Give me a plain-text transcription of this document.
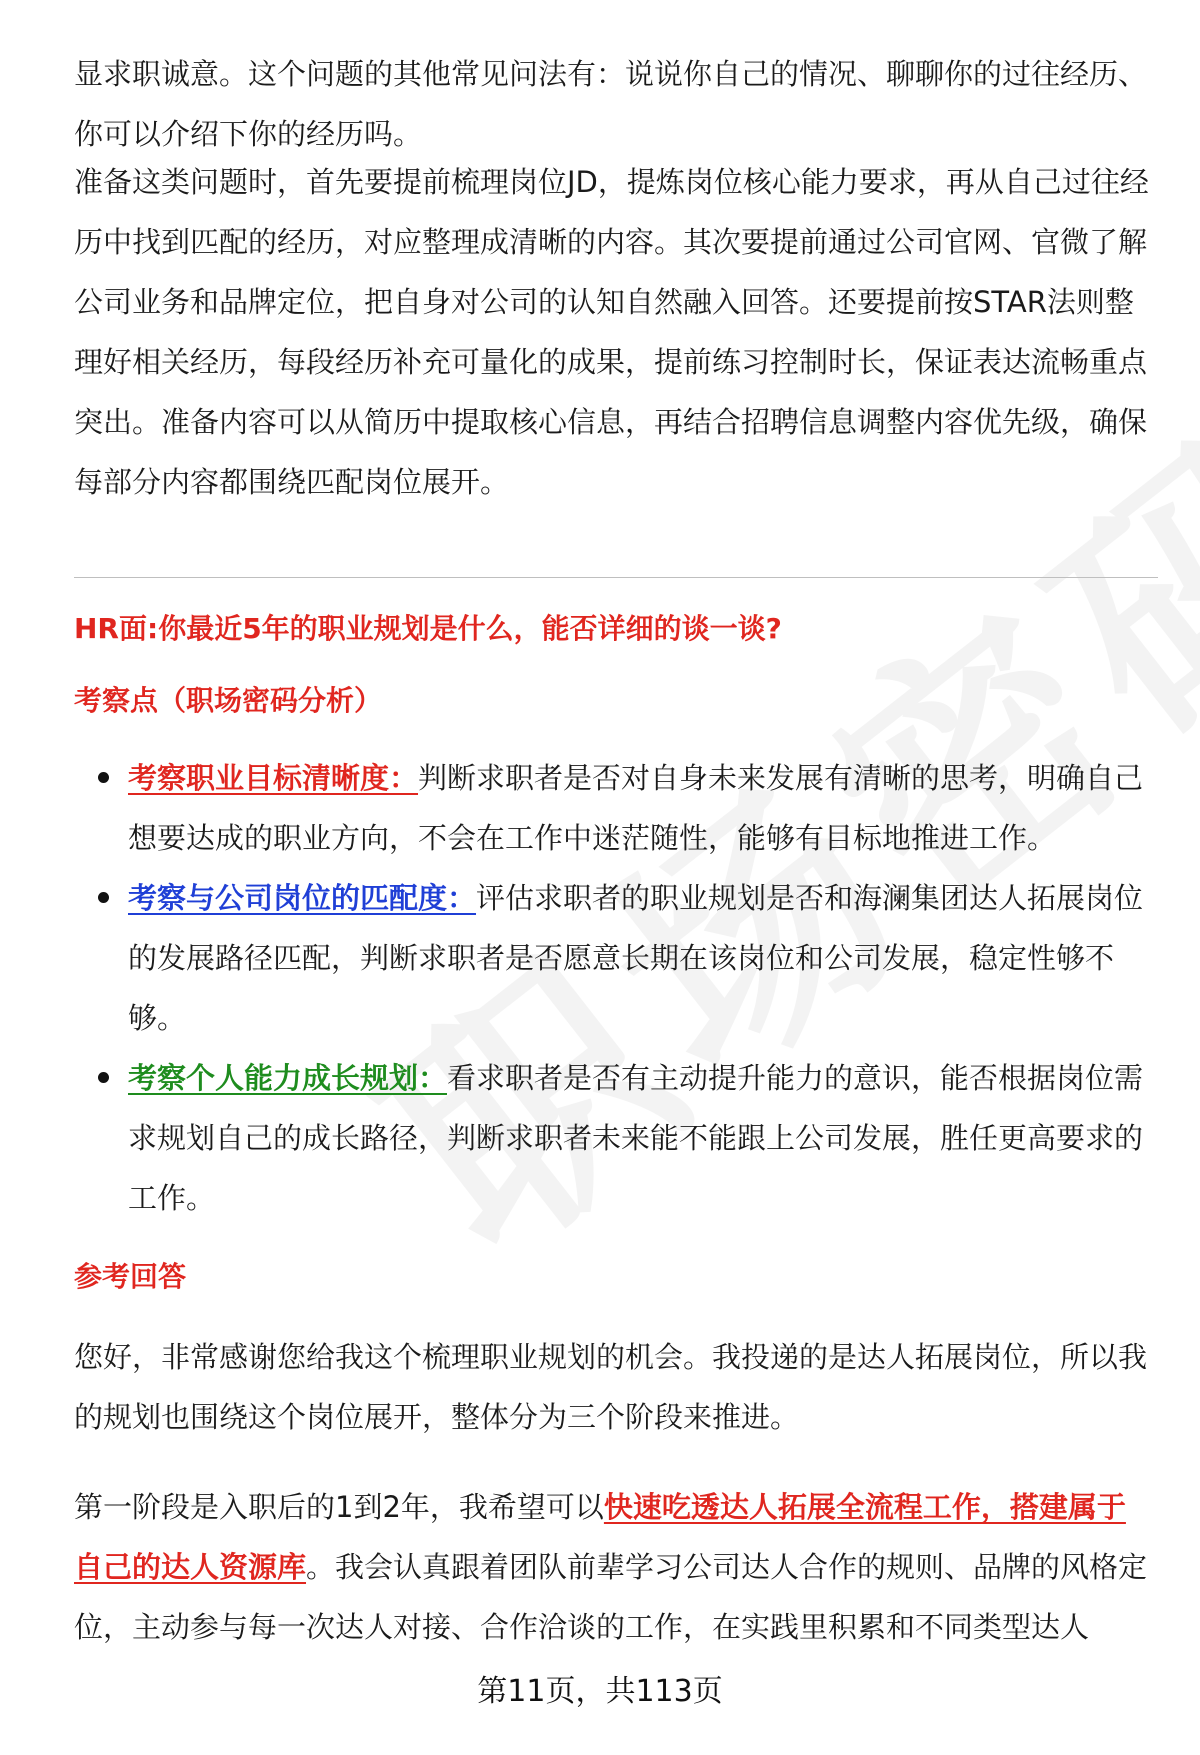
显求职诚意。这个问题的其他常见问法有：说说你自己的情况、聊聊你的过往经历、你可以介绍下你的经历吗。

准备这类问题时，首先要提前梳理岗位JD，提炼岗位核心能力要求，再从自己过往经历中找到匹配的经历，对应整理成清晰的内容。其次要提前通过公司官网、官微了解公司业务和品牌定位，把自身对公司的认知自然融入回答。还要提前按STAR法则整理好相关经历，每段经历补充可量化的成果，提前练习控制时长，保证表达流畅重点突出。准备内容可以从简历中提取核心信息，再结合招聘信息调整内容优先级，确保每部分内容都围绕匹配岗位展开。

HR面:你最近5年的职业规划是什么，能否详细的谈一谈?

考察点（职场密码分析）

考察职业目标清晰度：判断求职者是否对自身未来发展有清晰的思考，明确自己想要达成的职业方向，不会在工作中迷茫随性，能够有目标地推进工作。
考察与公司岗位的匹配度：评估求职者的职业规划是否和海澜集团达人拓展岗位的发展路径匹配，判断求职者是否愿意长期在该岗位和公司发展，稳定性够不够。
考察个人能力成长规划：看求职者是否有主动提升能力的意识，能否根据岗位需求规划自己的成长路径，判断求职者未来能不能跟上公司发展，胜任更高要求的工作。

参考回答

您好，非常感谢您给我这个梳理职业规划的机会。我投递的是达人拓展岗位，所以我的规划也围绕这个岗位展开，整体分为三个阶段来推进。

第一阶段是入职后的1到2年，我希望可以快速吃透达人拓展全流程工作，搭建属于自己的达人资源库。我会认真跟着团队前辈学习公司达人合作的规则、品牌的风格定位，主动参与每一次达人对接、合作洽谈的工作，在实践里积累和不同类型达人

第11页，共113页
